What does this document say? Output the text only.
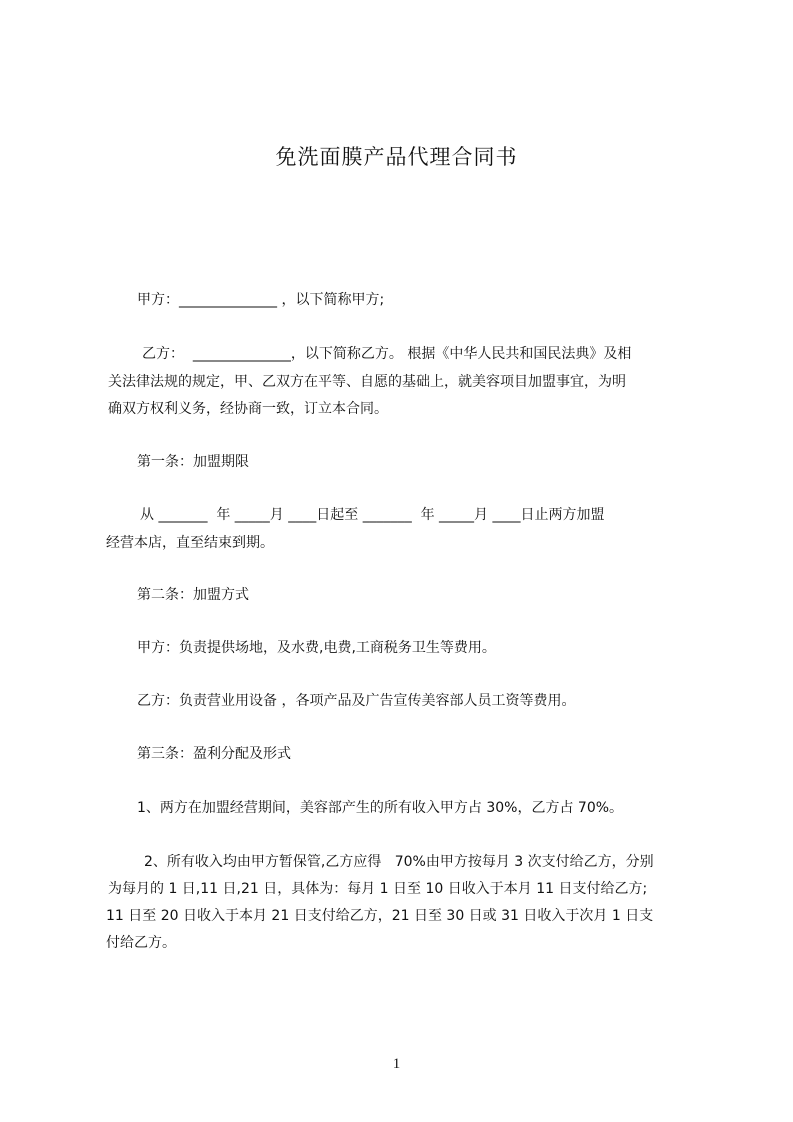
免洗面膜产品代理合同书

甲方：______________ ，以下简称甲方;

乙方：  ______________，以下简称乙方。 根据《中华人民共和国民法典》及相

关法律法规的规定，甲、乙双方在平等、自愿的基础上，就美容项目加盟事宜，为明

确双方权利义务，经协商一致，订立本合同。

第一条：加盟期限

从 _______  年 _____月 ____日起至 _______  年 _____月 ____日止两方加盟

经营本店，直至结束到期。

第二条：加盟方式

甲方：负责提供场地，及水费,电费,工商税务卫生等费用。

乙方：负责营业用设备 ，各项产品及广告宣传美容部人员工资等费用。

第三条：盈利分配及形式

1、两方在加盟经营期间，美容部产生的所有收入甲方占 30%，乙方占 70%。

2、所有收入均由甲方暂保管,乙方应得   70%由甲方按每月 3 次支付给乙方，分别

为每月的 1 日,11 日,21 日，具体为：每月 1 日至 10 日收入于本月 11 日支付给乙方;

11 日至 20 日收入于本月 21 日支付给乙方，21 日至 30 日或 31 日收入于次月 1 日支

付给乙方。

1
